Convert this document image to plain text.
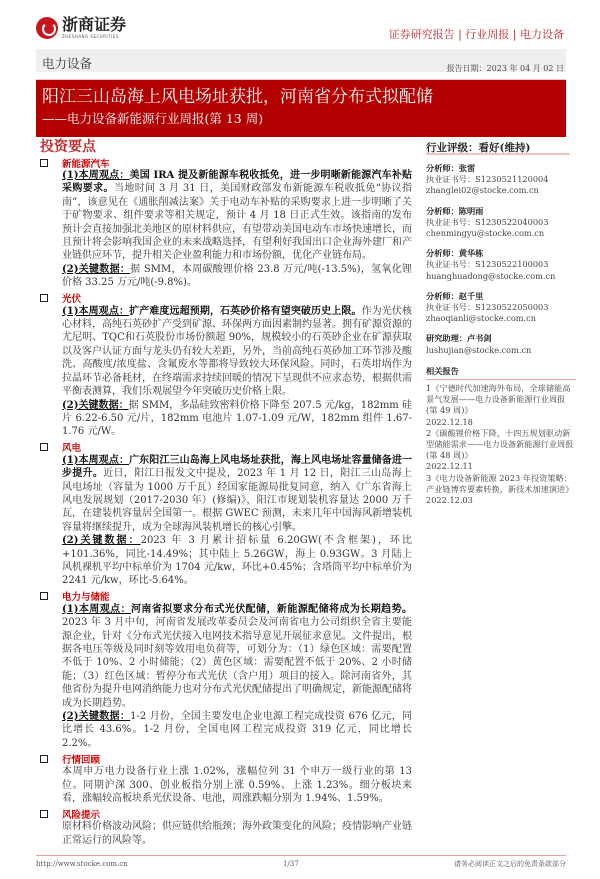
浙商证券
ZHESHANG SECURITIES	证券研究报告 | 行业周报 | 电力设备
电力设备	报告日期：2023 年 04 月 02 日
阳江三山岛海上风电场址获批，河南省分布式拟配储
——电力设备新能源行业周报(第 13 周)
投资要点
新能源汽车
(1)本周观点：美国 IRA 提及新能源车税收抵免，进一步明晰新能源汽车补贴采购要求。当地时间 3 月 31 日，美国财政部发布新能源车税收抵免“协议指南”，该意见在《通胀削减法案》关于电动车补贴的采购要求上进一步明晰了关于矿物要求、组件要求等相关规定，预计 4 月 18 日正式生效。该指南的发布预计会直接加强北美地区的原材料供应，有望带动美国电动车市场快速增长，而且预计将会影响我国企业的未来战略选择，有望利好我国出口企业海外建厂和产业链供应环节，提升相关企业盈利能力和市场份额，优化产业链布局。
(2)关键数据：据 SMM，本周碳酸锂价格 23.8 万元/吨(-13.5%)，氢氧化锂价格 33.25 万元/吨(-9.8%)。
光伏
(1)本周观点：扩产难度远超预期，石英砂价格有望突破历史上限。作为光伏核心材料，高纯石英砂扩产受到矿源、环保两方面因素制约显著。拥有矿源资源的尤尼明、TQC和石英股份市场份额超 90%，规模较小的石英砂企业在矿源获取以及客户认证方面与龙头仍有较大差距，另外，当前高纯石英砂加工环节涉及酸洗、高酸度/浓度盐、含氟废水等都将导致较大环保风险。同时，石英坩埚作为拉晶环节必备耗材，在终端需求持续回暖的情况下呈现供不应求态势，根据供需平衡表测算，我们乐观展望今年突破历史价格上限。
(2)关键数据：据 SMM，多晶硅致密料价格下降至 207.5 元/kg，182mm 硅片 6.22-6.50 元/片，182mm 电池片 1.07-1.09 元/W，182mm 组件 1.67-1.76 元/W。
风电
(1)本周观点：广东阳江三山岛海上风电场址获批，海上风电场址容量储备进一步提升。近日，阳江日报发文中提及，2023 年 1 月 12 日，阳江三山岛海上风电场址（容量为 1000 万千瓦）经国家能源局批复同意，纳入《广东省海上风电发展规划（2017-2030 年）(修编)》，阳江市规划装机容量达 2000 万千瓦，在建装机容量居全国第一。根据 GWEC 预测，未来几年中国海风新增装机容量将继续提升，成为全球海风装机增长的核心引擎。
(2)关键数据：2023 年 3 月累计招标量 6.20GW(不含框架)，环比+101.36%，同比-14.49%；其中陆上 5.26GW，海上 0.93GW。3 月陆上风机裸机平均中标单价为 1704 元/kw，环比+0.45%；含塔筒平均中标单价为 2241 元/kw，环比-5.64%。
电力与储能
(1)本周观点：河南省拟要求分布式光伏配储，新能源配储将成为长期趋势。2023 年 3 月中旬，河南省发展改革委员会及河南省电力公司组织全省主要能源企业，针对《分布式光伏接入电网技术指导意见开展征求意见。文件提出，根据各电压等级及同时刻等效用电负荷等，可划分为：（1）绿色区域：需要配置不低于 10%、2 小时储能；（2）黄色区域：需要配置不低于 20%、2 小时储能；（3）红色区域：暂停分布式光伏（含户用）项目的接入。除河南省外，其他省份为提升电网消纳能力也对分布式光伏配储提出了明确规定，新能源配储将成为长期趋势。
(2)关键数据：1-2 月份，全国主要发电企业电源工程完成投资 676 亿元，同比增长 43.6%。1-2 月份，全国电网工程完成投资 319 亿元，同比增长 2.2%。
行情回顾
本周申万电力设备行业上涨 1.02%，涨幅位列 31 个申万一级行业的第 13 位。同期沪深 300、创业板指分别上涨 0.59%、上涨 1.23%。细分板块来看，涨幅较高板块系光伏设备、电池，周涨跌幅分别为 1.94%、1.59%。
风险提示
原材料价格波动风险；供应链供给瓶颈；海外政策变化的风险；疫情影响产业链正常运行的风险等。
http://www.stocke.com.cn	1/37	请务必阅读正文之后的免责条款部分
行业评级：看好(维持)
分析师：张雷
执业证书号：S1230521120004
zhanglei02@stocke.com.cn
分析师：陈明雨
执业证书号：S1230522040003
chenmingyu@stocke.com.cn
分析师：黄华栋
执业证书号：S1230522100003
huanghuadong@stocke.com.cn
分析师：赵千里
执业证书号：S1230522050003
zhaoqianli@stocke.com.cn
研究助理：卢书剑
lushujian@stocke.com.cn
相关报告
1《宁德时代加速海外布局，全球储能高景气发展——电力设备新能源行业周报(第 49 周)》
2022.12.18
2《碳酸锂价格下降，十四五规划驱动新型储能需求——电力设备新能源行业周报(第 48 周)》
2022.12.11
3《电力设备新能源 2023 年投资策略：产业链博弈要素转换，新技术加速演进》
2022.12.03
